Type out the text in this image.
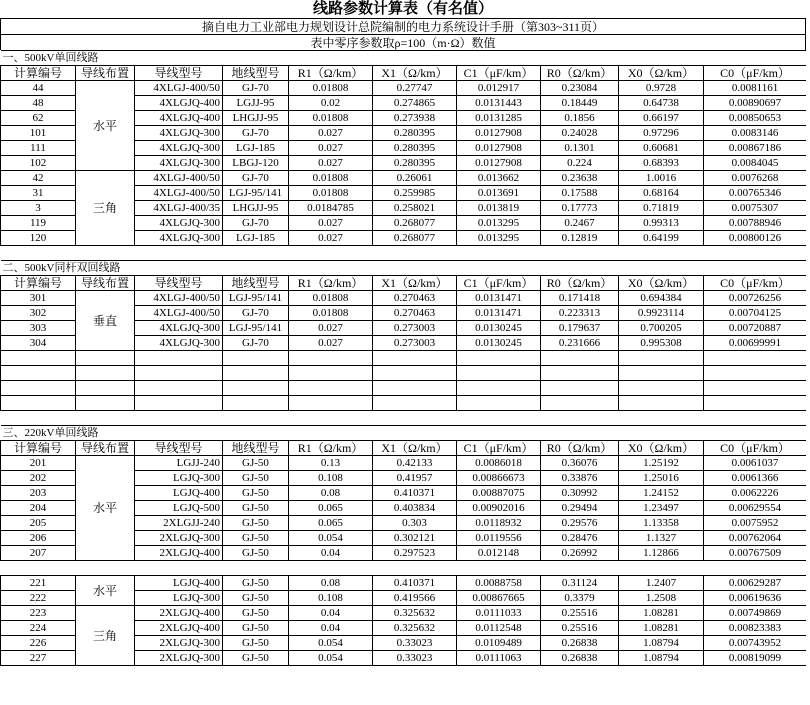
线路参数计算表（有名值）
摘自电力工业部电力规划设计总院编制的电力系统设计手册（第303~311页）
表中零序参数取ρ=100（m·Ω）数值
一、500kV单回线路									
计算编号	导线布置	导线型号	地线型号	R1（Ω/km）	X1（Ω/km）	C1（μF/km）	R0（Ω/km）	X0（Ω/km）	C0（μF/km）
44	水平	4XLGJ-400/50	GJ-70	0.01808	0.27747	0.012917	0.23084	0.9728	0.0081161
48		4XLGJQ-400	LGJJ-95	0.02	0.274865	0.0131443	0.18449	0.64738	0.00890697
62		4XLGJQ-400	LHGJJ-95	0.01808	0.273938	0.0131285	0.1856	0.66197	0.00850653
101		4XLGJQ-300	GJ-70	0.027	0.280395	0.0127908	0.24028	0.97296	0.0083146
111		4XLGJQ-300	LGJ-185	0.027	0.280395	0.0127908	0.1301	0.60681	0.00867186
102		4XLGJQ-300	LBGJ-120	0.027	0.280395	0.0127908	0.224	0.68393	0.0084045
42	三角	4XLGJ-400/50	GJ-70	0.01808	0.26061	0.013662	0.23638	1.0016	0.0076268
31		4XLGJ-400/50	LGJ-95/141	0.01808	0.259985	0.013691	0.17588	0.68164	0.00765346
3		4XLGJ-400/35	LHGJJ-95	0.0184785	0.258021	0.013819	0.17773	0.71819	0.0075307
119		4XLGJQ-300	GJ-70	0.027	0.268077	0.013295	0.2467	0.99313	0.00788946
120		4XLGJQ-300	LGJ-185	0.027	0.268077	0.013295	0.12819	0.64199	0.00800126

二、500kV同杆双回线路									
计算编号	导线布置	导线型号	地线型号	R1（Ω/km）	X1（Ω/km）	C1（μF/km）	R0（Ω/km）	X0（Ω/km）	C0（μF/km）
301	垂直	4XLGJ-400/50	LGJ-95/141	0.01808	0.270463	0.0131471	0.171418	0.694384	0.00726256
302		4XLGJ-400/50	GJ-70	0.01808	0.270463	0.0131471	0.223313	0.9923114	0.00704125
303		4XLGJQ-300	LGJ-95/141	0.027	0.273003	0.0130245	0.179637	0.700205	0.00720887
304		4XLGJQ-300	GJ-70	0.027	0.273003	0.0130245	0.231666	0.995308	0.00699991

三、220kV单回线路									
计算编号	导线布置	导线型号	地线型号	R1（Ω/km）	X1（Ω/km）	C1（μF/km）	R0（Ω/km）	X0（Ω/km）	C0（μF/km）
201	水平	LGJJ-240	GJ-50	0.13	0.42133	0.0086018	0.36076	1.25192	0.0061037
202		LGJQ-300	GJ-50	0.108	0.41957	0.00866673	0.33876	1.25016	0.0061366
203		LGJQ-400	GJ-50	0.08	0.410371	0.00887075	0.30992	1.24152	0.0062226
204		LGJQ-500	GJ-50	0.065	0.403834	0.00902016	0.29494	1.23497	0.00629554
205		2XLGJJ-240	GJ-50	0.065	0.303	0.0118932	0.29576	1.13358	0.0075952
206		2XLGJQ-300	GJ-50	0.054	0.302121	0.0119556	0.28476	1.1327	0.00762064
207		2XLGJQ-400	GJ-50	0.04	0.297523	0.012148	0.26992	1.12866	0.00767509

221	水平	LGJQ-400	GJ-50	0.08	0.410371	0.0088758	0.31124	1.2407	0.00629287
222		LGJQ-300	GJ-50	0.108	0.419566	0.00867665	0.3379	1.2508	0.00619636
223	三角	2XLGJQ-400	GJ-50	0.04	0.325632	0.0111033	0.25516	1.08281	0.00749869
224		2XLGJQ-400	GJ-50	0.04	0.325632	0.0112548	0.25516	1.08281	0.00823383
226		2XLGJQ-300	GJ-50	0.054	0.33023	0.0109489	0.26838	1.08794	0.00743952
227		2XLGJQ-300	GJ-50	0.054	0.33023	0.0111063	0.26838	1.08794	0.00819099
